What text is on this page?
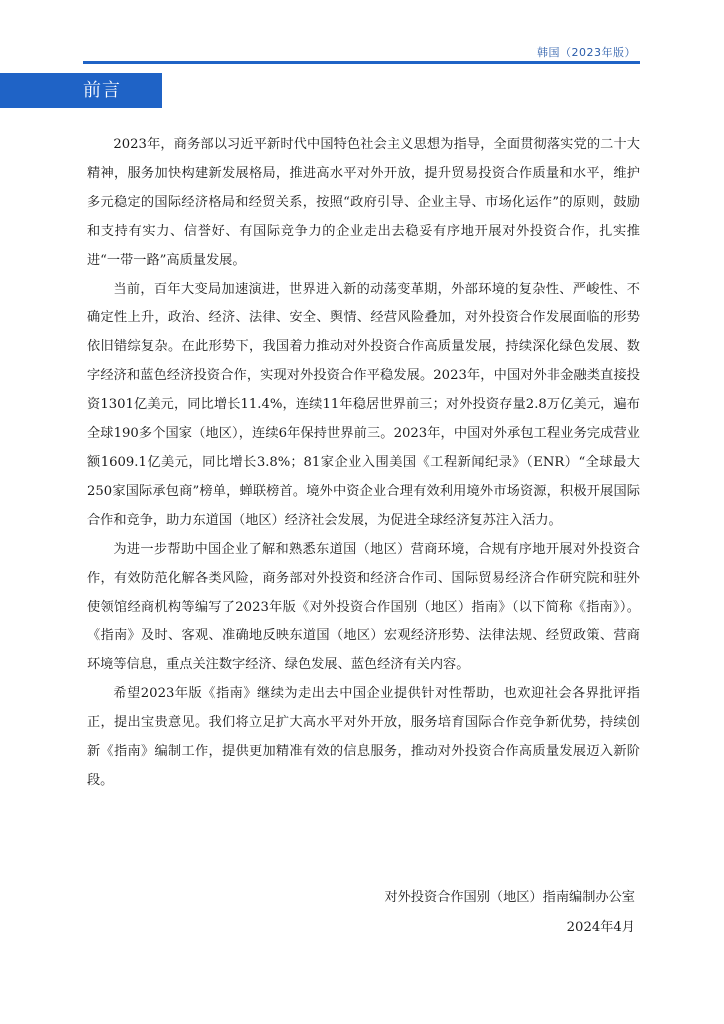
韩国（2023年版）
前言

2023年，商务部以习近平新时代中国特色社会主义思想为指导，全面贯彻落实党的二十大精神，服务加快构建新发展格局，推进高水平对外开放，提升贸易投资合作质量和水平，维护多元稳定的国际经济格局和经贸关系，按照“政府引导、企业主导、市场化运作”的原则，鼓励和支持有实力、信誉好、有国际竞争力的企业走出去稳妥有序地开展对外投资合作，扎实推进“一带一路”高质量发展。

当前，百年大变局加速演进，世界进入新的动荡变革期，外部环境的复杂性、严峻性、不确定性上升，政治、经济、法律、安全、舆情、经营风险叠加，对外投资合作发展面临的形势依旧错综复杂。在此形势下，我国着力推动对外投资合作高质量发展，持续深化绿色发展、数字经济和蓝色经济投资合作，实现对外投资合作平稳发展。2023年，中国对外非金融类直接投资1301亿美元，同比增长11.4%，连续11年稳居世界前三；对外投资存量2.8万亿美元，遍布全球190多个国家（地区），连续6年保持世界前三。2023年，中国对外承包工程业务完成营业额1609.1亿美元，同比增长3.8%；81家企业入围美国《工程新闻纪录》（ENR）“全球最大250家国际承包商”榜单，蝉联榜首。境外中资企业合理有效利用境外市场资源，积极开展国际合作和竞争，助力东道国（地区）经济社会发展，为促进全球经济复苏注入活力。

为进一步帮助中国企业了解和熟悉东道国（地区）营商环境，合规有序地开展对外投资合作，有效防范化解各类风险，商务部对外投资和经济合作司、国际贸易经济合作研究院和驻外使领馆经商机构等编写了2023年版《对外投资合作国别（地区）指南》（以下简称《指南》）。《指南》及时、客观、准确地反映东道国（地区）宏观经济形势、法律法规、经贸政策、营商环境等信息，重点关注数字经济、绿色发展、蓝色经济有关内容。

希望2023年版《指南》继续为走出去中国企业提供针对性帮助，也欢迎社会各界批评指正，提出宝贵意见。我们将立足扩大高水平对外开放，服务培育国际合作竞争新优势，持续创新《指南》编制工作，提供更加精准有效的信息服务，推动对外投资合作高质量发展迈入新阶段。

对外投资合作国别（地区）指南编制办公室
2024年4月
